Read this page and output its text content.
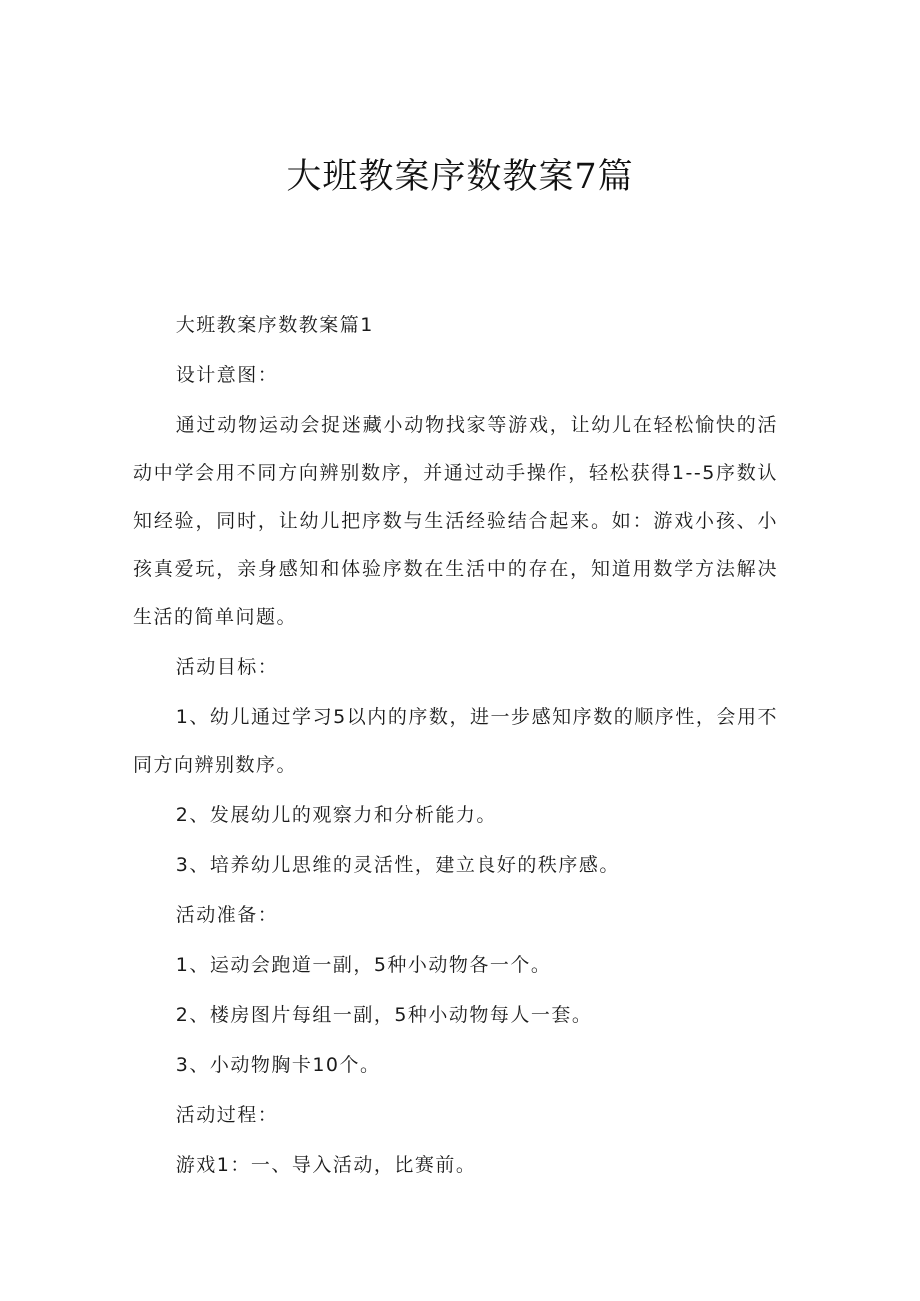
大班教案序数教案7篇

大班教案序数教案篇1

设计意图：

通过动物运动会捉迷藏小动物找家等游戏，让幼儿在轻松愉快的活动中学会用不同方向辨别数序，并通过动手操作，轻松获得1--5序数认知经验，同时，让幼儿把序数与生活经验结合起来。如：游戏小孩、小孩真爱玩，亲身感知和体验序数在生活中的存在，知道用数学方法解决生活的简单问题。

活动目标：

1、幼儿通过学习5以内的序数，进一步感知序数的顺序性，会用不同方向辨别数序。

2、发展幼儿的观察力和分析能力。

3、培养幼儿思维的灵活性，建立良好的秩序感。

活动准备：

1、运动会跑道一副，5种小动物各一个。

2、楼房图片每组一副，5种小动物每人一套。

3、小动物胸卡10个。

活动过程：

游戏1：一、导入活动，比赛前。
